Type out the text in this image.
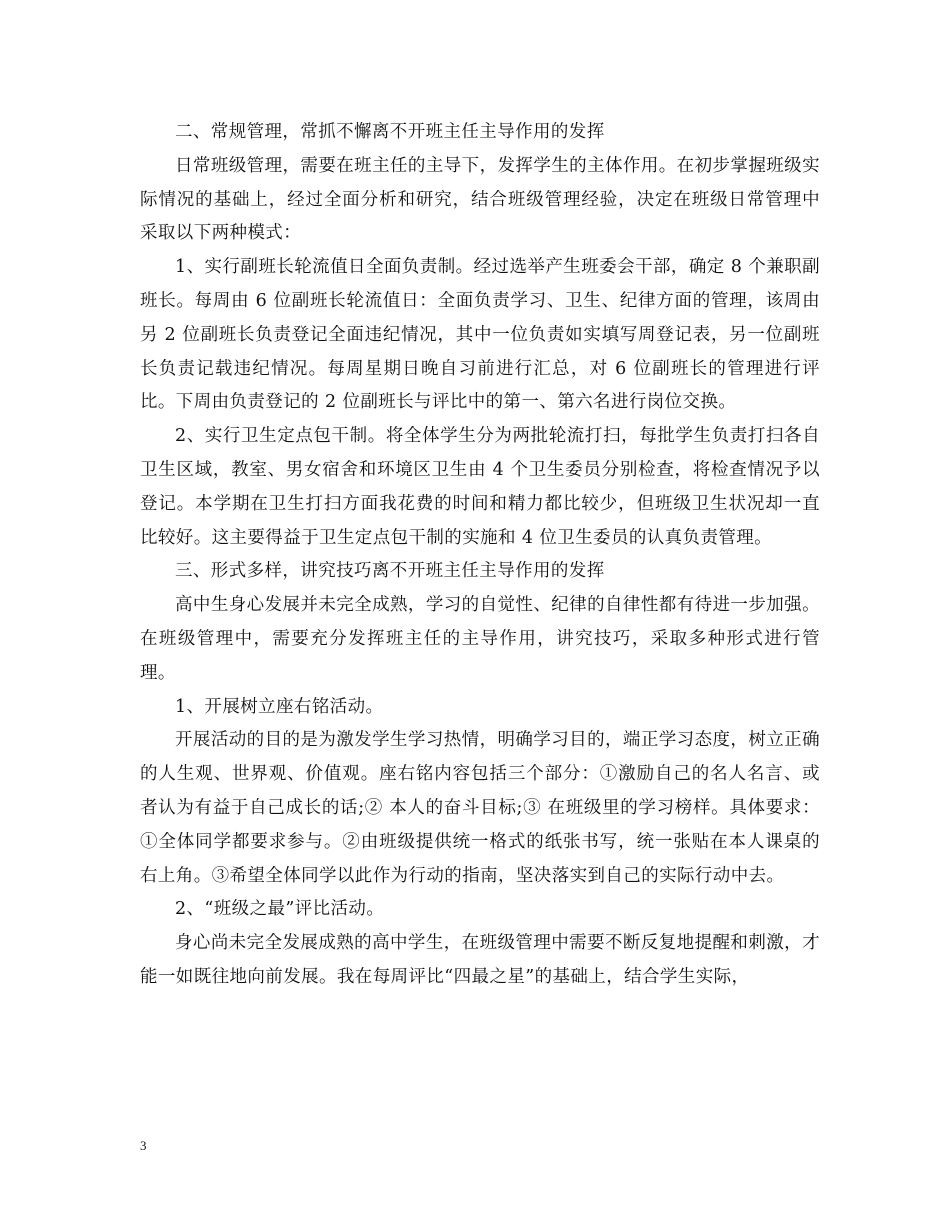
二、常规管理，常抓不懈离不开班主任主导作用的发挥

日常班级管理，需要在班主任的主导下，发挥学生的主体作用。在初步掌握班级实际情况的基础上，经过全面分析和研究，结合班级管理经验，决定在班级日常管理中采取以下两种模式：

1、实行副班长轮流值日全面负责制。经过选举产生班委会干部，确定 8 个兼职副班长。每周由 6 位副班长轮流值日：全面负责学习、卫生、纪律方面的管理，该周由另 2 位副班长负责登记全面违纪情况，其中一位负责如实填写周登记表，另一位副班长负责记载违纪情况。每周星期日晚自习前进行汇总，对 6 位副班长的管理进行评比。下周由负责登记的 2 位副班长与评比中的第一、第六名进行岗位交换。

2、实行卫生定点包干制。将全体学生分为两批轮流打扫，每批学生负责打扫各自卫生区域，教室、男女宿舍和环境区卫生由 4 个卫生委员分别检查，将检查情况予以登记。本学期在卫生打扫方面我花费的时间和精力都比较少，但班级卫生状况却一直比较好。这主要得益于卫生定点包干制的实施和 4 位卫生委员的认真负责管理。

三、形式多样，讲究技巧离不开班主任主导作用的发挥

高中生身心发展并未完全成熟，学习的自觉性、纪律的自律性都有待进一步加强。在班级管理中，需要充分发挥班主任的主导作用，讲究技巧，采取多种形式进行管理。

1、开展树立座右铭活动。

开展活动的目的是为激发学生学习热情，明确学习目的，端正学习态度，树立正确的人生观、世界观、价值观。座右铭内容包括三个部分：①激励自己的名人名言、或者认为有益于自己成长的话;② 本人的奋斗目标;③ 在班级里的学习榜样。具体要求：①全体同学都要求参与。②由班级提供统一格式的纸张书写，统一张贴在本人课桌的右上角。③希望全体同学以此作为行动的指南，坚决落实到自己的实际行动中去。

2、“班级之最”评比活动。

身心尚未完全发展成熟的高中学生，在班级管理中需要不断反复地提醒和刺激，才能一如既往地向前发展。我在每周评比“四最之星”的基础上，结合学生实际，

3
